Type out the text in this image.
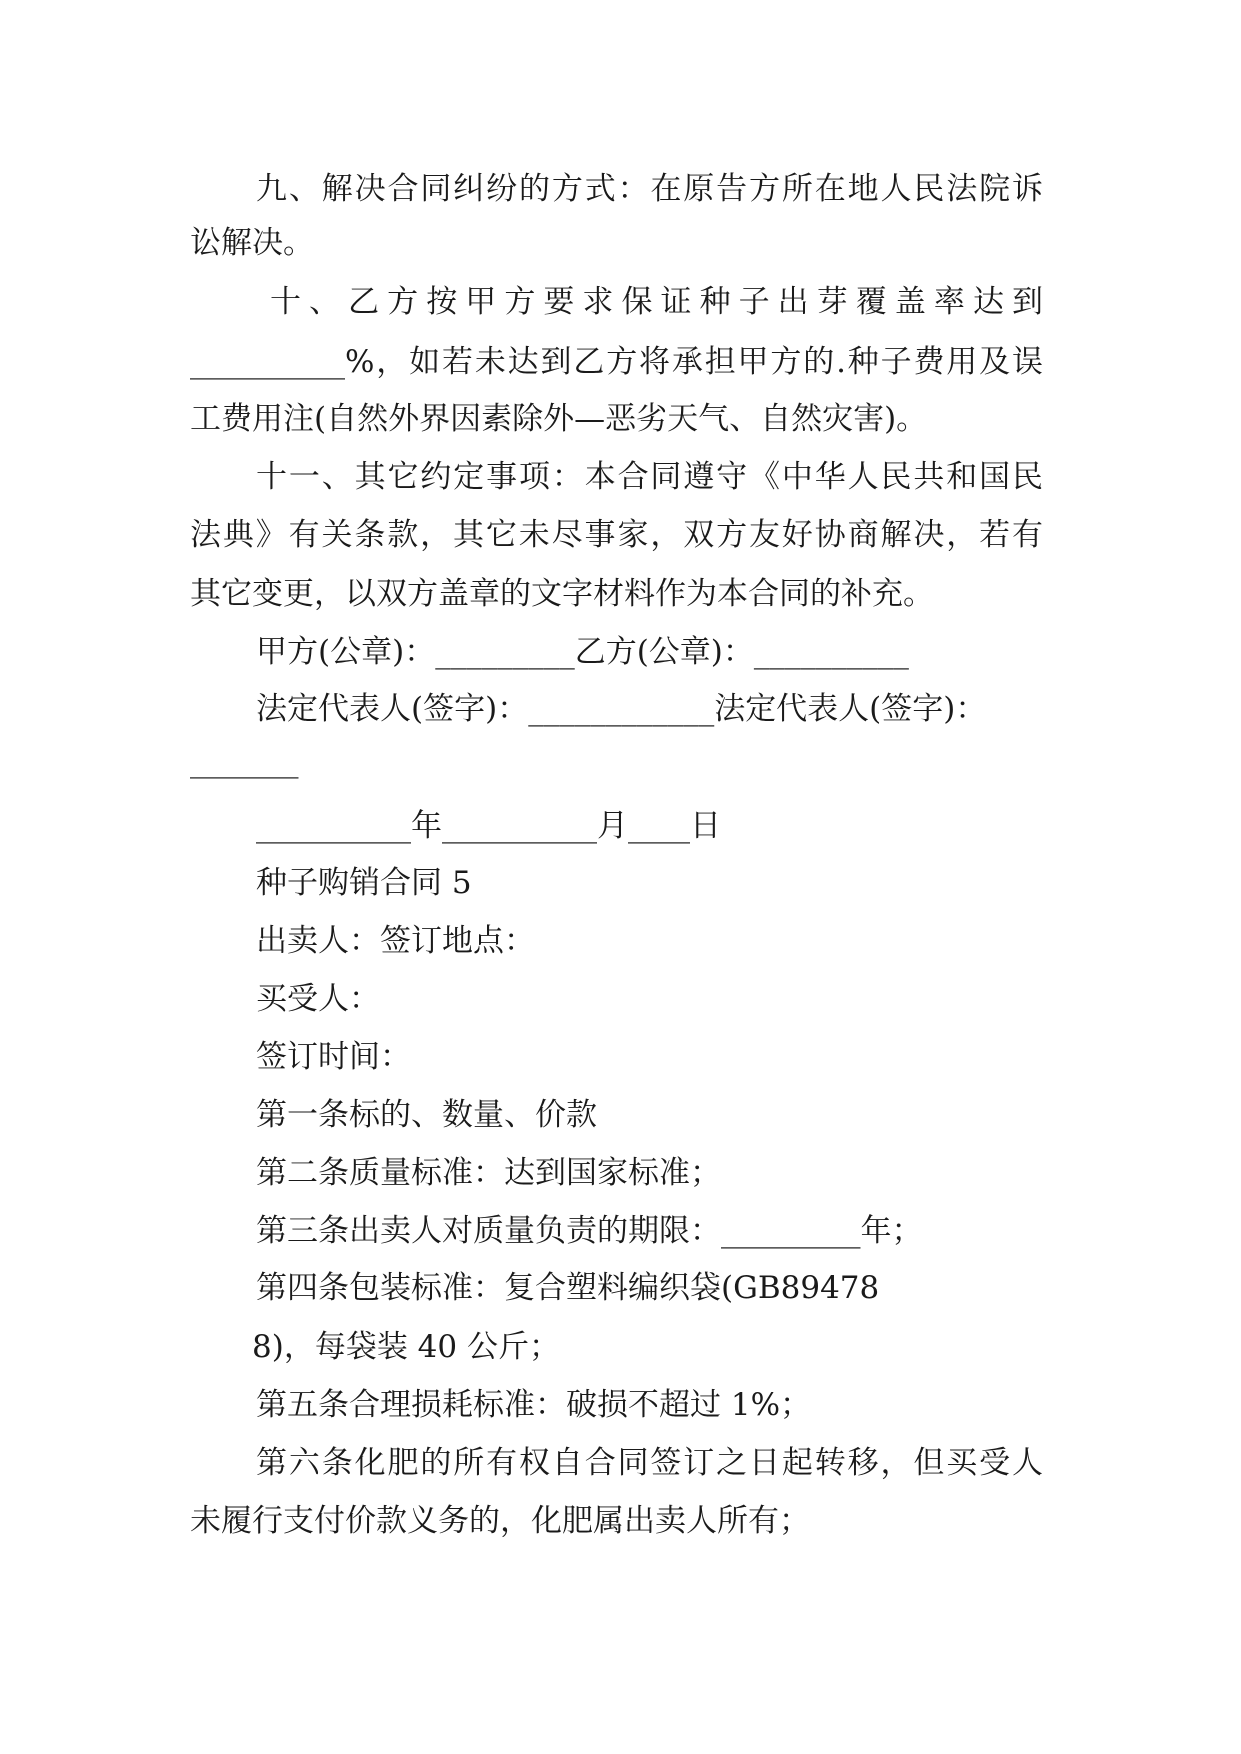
九、解决合同纠纷的方式：在原告方所在地人民法院诉
讼解决。
十、乙方按甲方要求保证种子出芽覆盖率达到
__________%，如若未达到乙方将承担甲方的.种子费用及误
工费用注(自然外界因素除外—恶劣天气、自然灾害)。
十一、其它约定事项：本合同遵守《中华人民共和国民
法典》有关条款，其它未尽事家，双方友好协商解决，若有
其它变更，以双方盖章的文字材料作为本合同的补充。
甲方(公章)：_________乙方(公章)：__________
法定代表人(签字)：____________法定代表人(签字)：
_______
__________年__________月____日
种子购销合同 5
出卖人：签订地点：
买受人：
签订时间：
第一条标的、数量、价款
第二条质量标准：达到国家标准；
第三条出卖人对质量负责的期限：_________年；
第四条包装标准：复合塑料编织袋(GB89478
8)，每袋装 40 公斤；
第五条合理损耗标准：破损不超过 1%；
第六条化肥的所有权自合同签订之日起转移，但买受人
未履行支付价款义务的，化肥属出卖人所有；
